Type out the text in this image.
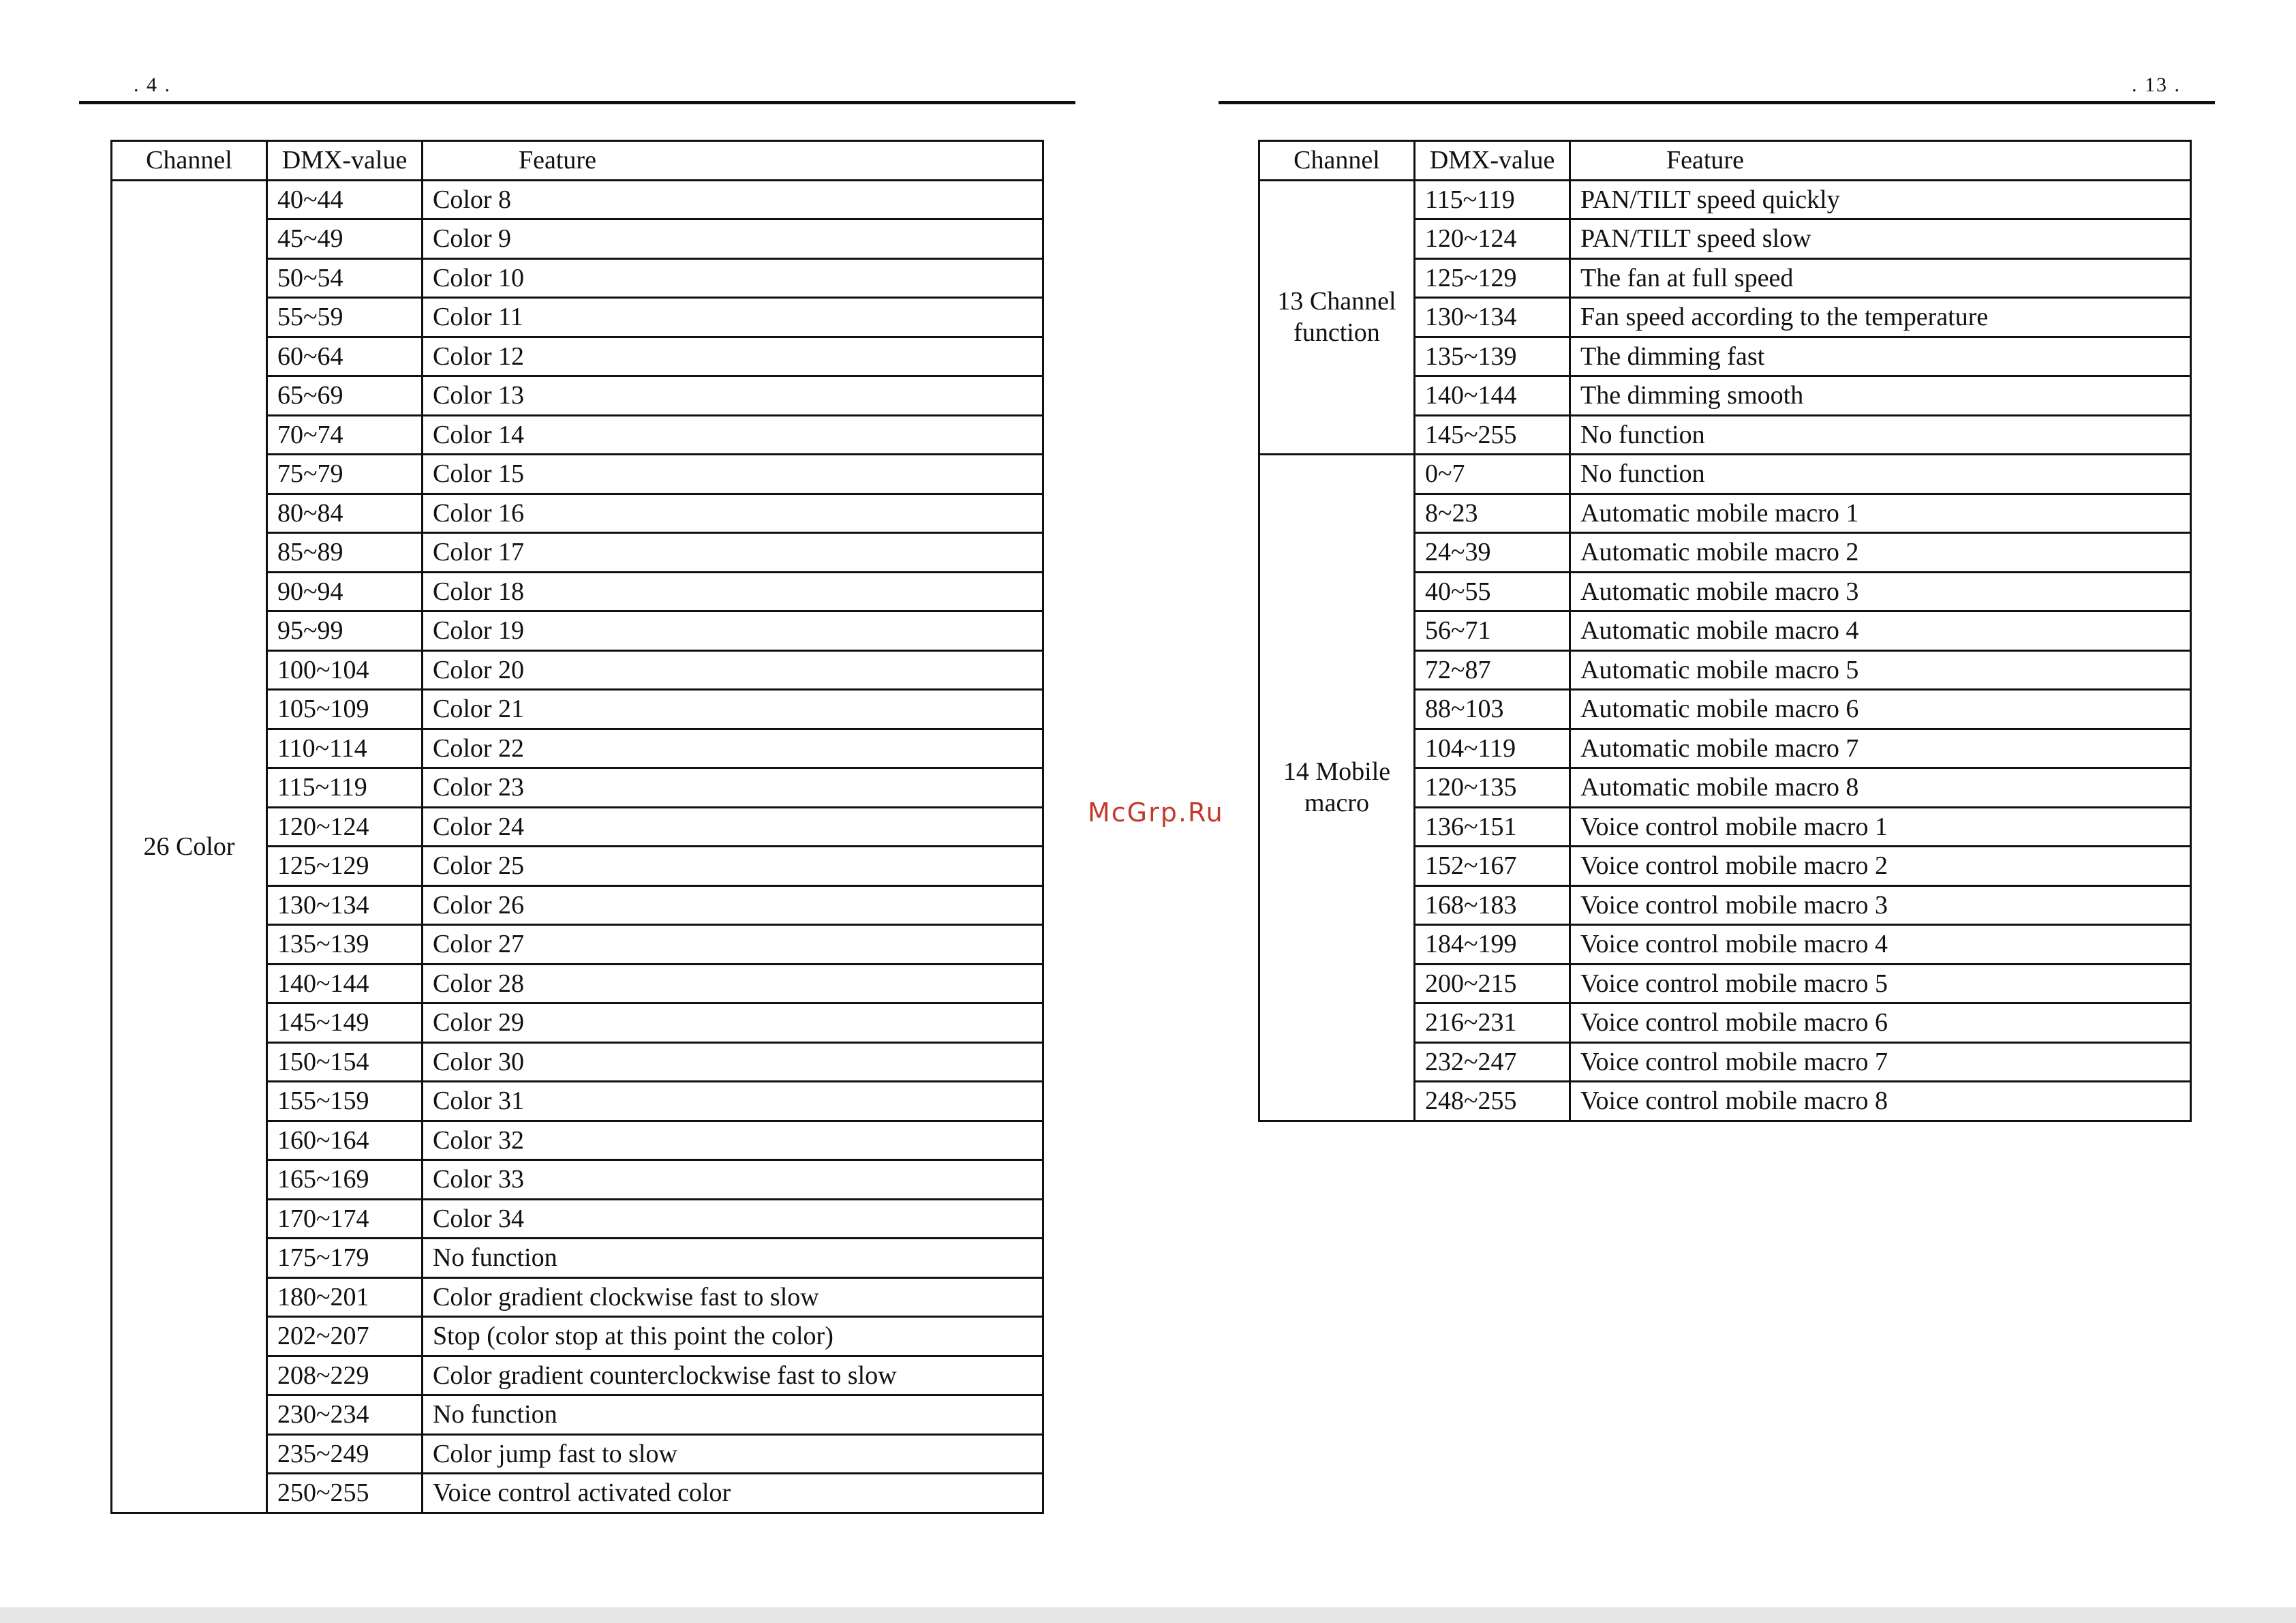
. 4 .	. 13 .
Channel	DMX-value	Feature
26 Color	40~44	Color 8
	45~49	Color 9
	50~54	Color 10
	55~59	Color 11
	60~64	Color 12
	65~69	Color 13
	70~74	Color 14
	75~79	Color 15
	80~84	Color 16
	85~89	Color 17
	90~94	Color 18
	95~99	Color 19
	100~104	Color 20
	105~109	Color 21
	110~114	Color 22
	115~119	Color 23
	120~124	Color 24
	125~129	Color 25
	130~134	Color 26
	135~139	Color 27
	140~144	Color 28
	145~149	Color 29
	150~154	Color 30
	155~159	Color 31
	160~164	Color 32
	165~169	Color 33
	170~174	Color 34
	175~179	No function
	180~201	Color gradient clockwise fast to slow
	202~207	Stop (color stop at this point the color)
	208~229	Color gradient counterclockwise fast to slow
	230~234	No function
	235~249	Color jump fast to slow
	250~255	Voice control activated color
McGrp.Ru
Channel	DMX-value	Feature
13 Channel function	115~119	PAN/TILT speed quickly
	120~124	PAN/TILT speed slow
	125~129	The fan at full speed
	130~134	Fan speed according to the temperature
	135~139	The dimming fast
	140~144	The dimming smooth
	145~255	No function
14 Mobile macro	0~7	No function
	8~23	Automatic mobile macro 1
	24~39	Automatic mobile macro 2
	40~55	Automatic mobile macro 3
	56~71	Automatic mobile macro 4
	72~87	Automatic mobile macro 5
	88~103	Automatic mobile macro 6
	104~119	Automatic mobile macro 7
	120~135	Automatic mobile macro 8
	136~151	Voice control mobile macro 1
	152~167	Voice control mobile macro 2
	168~183	Voice control mobile macro 3
	184~199	Voice control mobile macro 4
	200~215	Voice control mobile macro 5
	216~231	Voice control mobile macro 6
	232~247	Voice control mobile macro 7
	248~255	Voice control mobile macro 8
